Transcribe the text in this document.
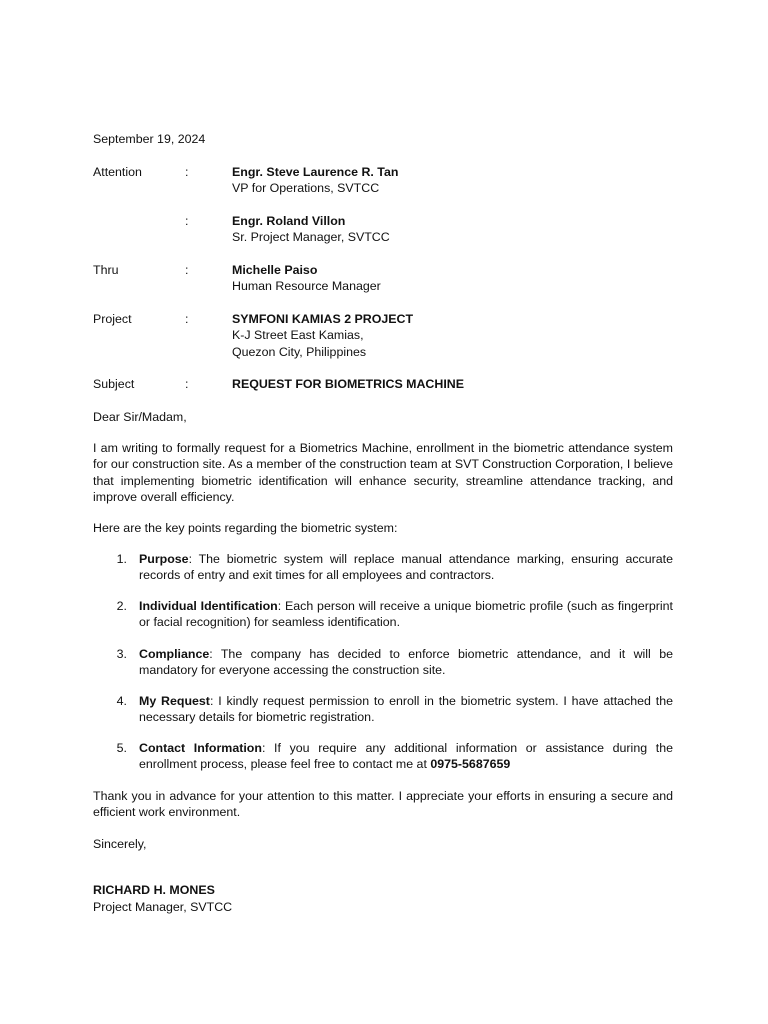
September 19, 2024
Attention	:	Engr. Steve Laurence R. Tan
VP for Operations, SVTCC
:	Engr. Roland Villon
Sr. Project Manager, SVTCC
Thru	:	Michelle Paiso
Human Resource Manager
Project	:	SYMFONI KAMIAS 2 PROJECT
K-J Street East Kamias,
Quezon City, Philippines
Subject	:	REQUEST FOR BIOMETRICS MACHINE
Dear Sir/Madam,
I am writing to formally request for a Biometrics Machine, enrollment in the biometric attendance system for our construction site. As a member of the construction team at SVT Construction Corporation, I believe that implementing biometric identification will enhance security, streamline attendance tracking, and improve overall efficiency.
Here are the key points regarding the biometric system:
1. Purpose: The biometric system will replace manual attendance marking, ensuring accurate records of entry and exit times for all employees and contractors.
2. Individual Identification: Each person will receive a unique biometric profile (such as fingerprint or facial recognition) for seamless identification.
3. Compliance: The company has decided to enforce biometric attendance, and it will be mandatory for everyone accessing the construction site.
4. My Request: I kindly request permission to enroll in the biometric system. I have attached the necessary details for biometric registration.
5. Contact Information: If you require any additional information or assistance during the enrollment process, please feel free to contact me at 0975-5687659
Thank you in advance for your attention to this matter. I appreciate your efforts in ensuring a secure and efficient work environment.
Sincerely,
RICHARD H. MONES
Project Manager, SVTCC
